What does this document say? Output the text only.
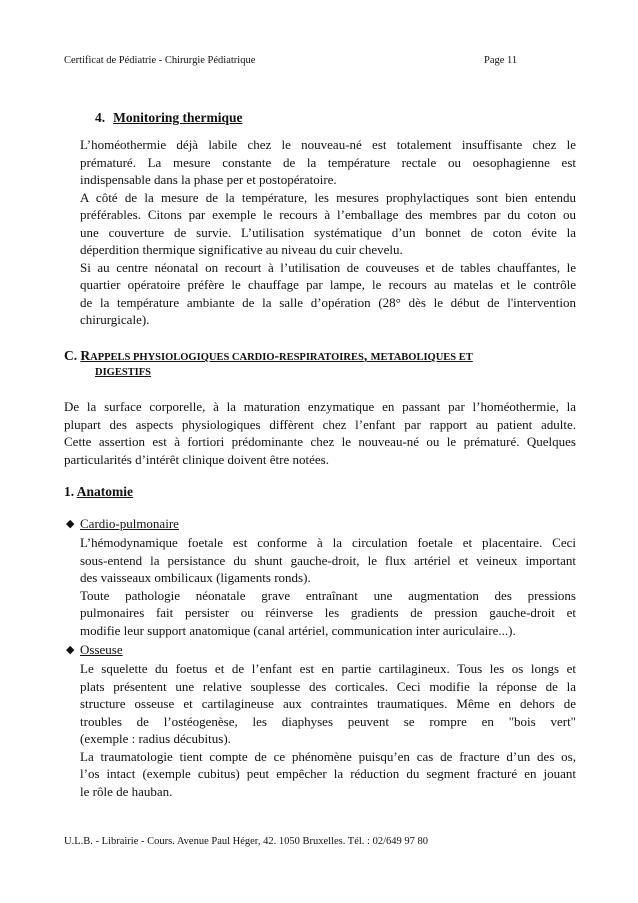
Certificat de Pédiatrie - Chirurgie Pédiatrique	Page 11
4. Monitoring thermique
L’homéothermie déjà labile chez le nouveau-né est totalement insuffisante chez le
prématuré. La mesure constante de la température rectale ou oesophagienne est
indispensable dans la phase per et postopératoire.
A côté de la mesure de la température, les mesures prophylactiques sont bien entendu
préférables. Citons par exemple le recours à l’emballage des membres par du coton ou
une couverture de survie. L’utilisation systématique d’un bonnet de coton évite la
déperdition thermique significative au niveau du cuir chevelu.
Si au centre néonatal on recourt à l’utilisation de couveuses et de tables chauffantes, le
quartier opératoire préfère le chauffage par lampe, le recours au matelas et le contrôle
de la température ambiante de la salle d’opération (28° dès le début de l'intervention
chirurgicale).
C. RAPPELS PHYSIOLOGIQUES CARDIO-RESPIRATOIRES, METABOLIQUES ET
DIGESTIFS
De la surface corporelle, à la maturation enzymatique en passant par l’homéothermie, la
plupart des aspects physiologiques diffèrent chez l’enfant par rapport au patient adulte.
Cette assertion est à fortiori prédominante chez le nouveau-né ou le prématuré. Quelques
particularités d’intérêt clinique doivent être notées.
1. Anatomie
◆ Cardio-pulmonaire
L’hémodynamique foetale est conforme à la circulation foetale et placentaire. Ceci
sous-entend la persistance du shunt gauche-droit, le flux artériel et veineux important
des vaisseaux ombilicaux (ligaments ronds).
Toute pathologie néonatale grave entraînant une augmentation des pressions
pulmonaires fait persister ou réinverse les gradients de pression gauche-droit et
modifie leur support anatomique (canal artériel, communication inter auriculaire...).
◆ Osseuse
Le squelette du foetus et de l’enfant est en partie cartilagineux. Tous les os longs et
plats présentent une relative souplesse des corticales. Ceci modifie la réponse de la
structure osseuse et cartilagineuse aux contraintes traumatiques. Même en dehors de
troubles de l’ostéogenèse, les diaphyses peuvent se rompre en "bois vert"
(exemple : radius décubitus).
La traumatologie tient compte de ce phénomène puisqu’en cas de fracture d’un des os,
l’os intact (exemple cubitus) peut empêcher la réduction du segment fracturé en jouant
le rôle de hauban.
U.L.B. - Librairie - Cours. Avenue Paul Héger, 42. 1050 Bruxelles. Tél. : 02/649 97 80
